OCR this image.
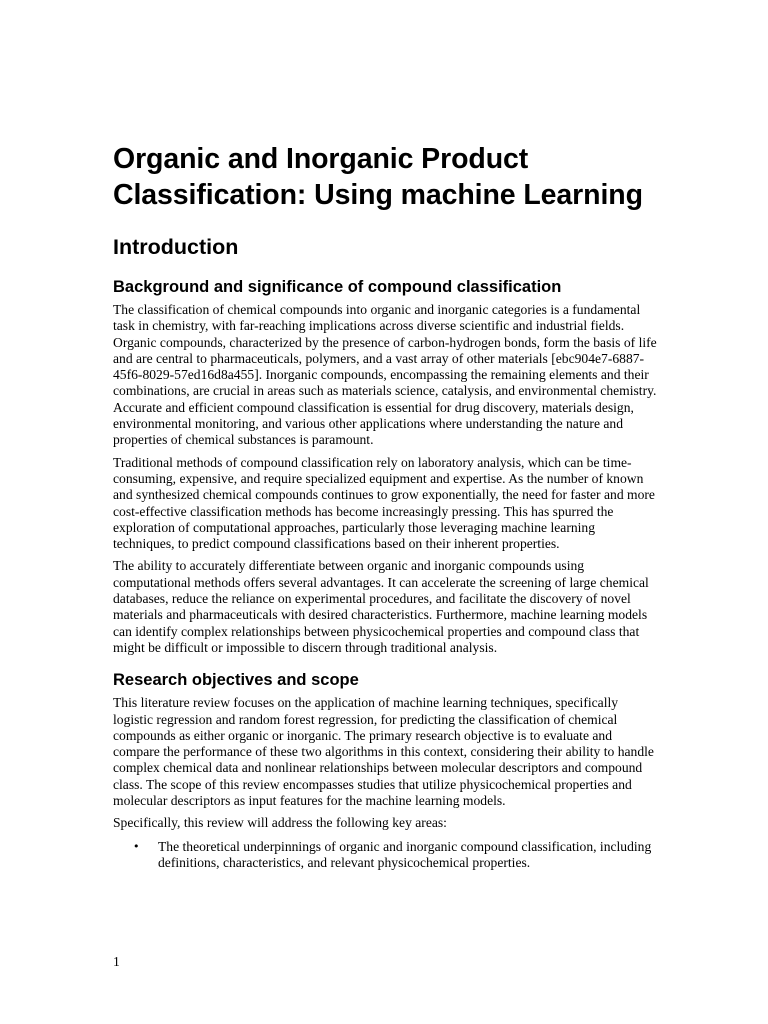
Organic and Inorganic Product Classification: Using machine Learning
Introduction
Background and significance of compound classification

The classification of chemical compounds into organic and inorganic categories is a fundamental task in chemistry, with far-reaching implications across diverse scientific and industrial fields. Organic compounds, characterized by the presence of carbon-hydrogen bonds, form the basis of life and are central to pharmaceuticals, polymers, and a vast array of other materials [ebc904e7-6887-45f6-8029-57ed16d8a455]. Inorganic compounds, encompassing the remaining elements and their combinations, are crucial in areas such as materials science, catalysis, and environmental chemistry. Accurate and efficient compound classification is essential for drug discovery, materials design, environmental monitoring, and various other applications where understanding the nature and properties of chemical substances is paramount.

Traditional methods of compound classification rely on laboratory analysis, which can be time-consuming, expensive, and require specialized equipment and expertise. As the number of known and synthesized chemical compounds continues to grow exponentially, the need for faster and more cost-effective classification methods has become increasingly pressing. This has spurred the exploration of computational approaches, particularly those leveraging machine learning techniques, to predict compound classifications based on their inherent properties.

The ability to accurately differentiate between organic and inorganic compounds using computational methods offers several advantages. It can accelerate the screening of large chemical databases, reduce the reliance on experimental procedures, and facilitate the discovery of novel materials and pharmaceuticals with desired characteristics. Furthermore, machine learning models can identify complex relationships between physicochemical properties and compound class that might be difficult or impossible to discern through traditional analysis.

Research objectives and scope

This literature review focuses on the application of machine learning techniques, specifically logistic regression and random forest regression, for predicting the classification of chemical compounds as either organic or inorganic. The primary research objective is to evaluate and compare the performance of these two algorithms in this context, considering their ability to handle complex chemical data and nonlinear relationships between molecular descriptors and compound class. The scope of this review encompasses studies that utilize physicochemical properties and molecular descriptors as input features for the machine learning models.

Specifically, this review will address the following key areas:

• The theoretical underpinnings of organic and inorganic compound classification, including definitions, characteristics, and relevant physicochemical properties.
1
